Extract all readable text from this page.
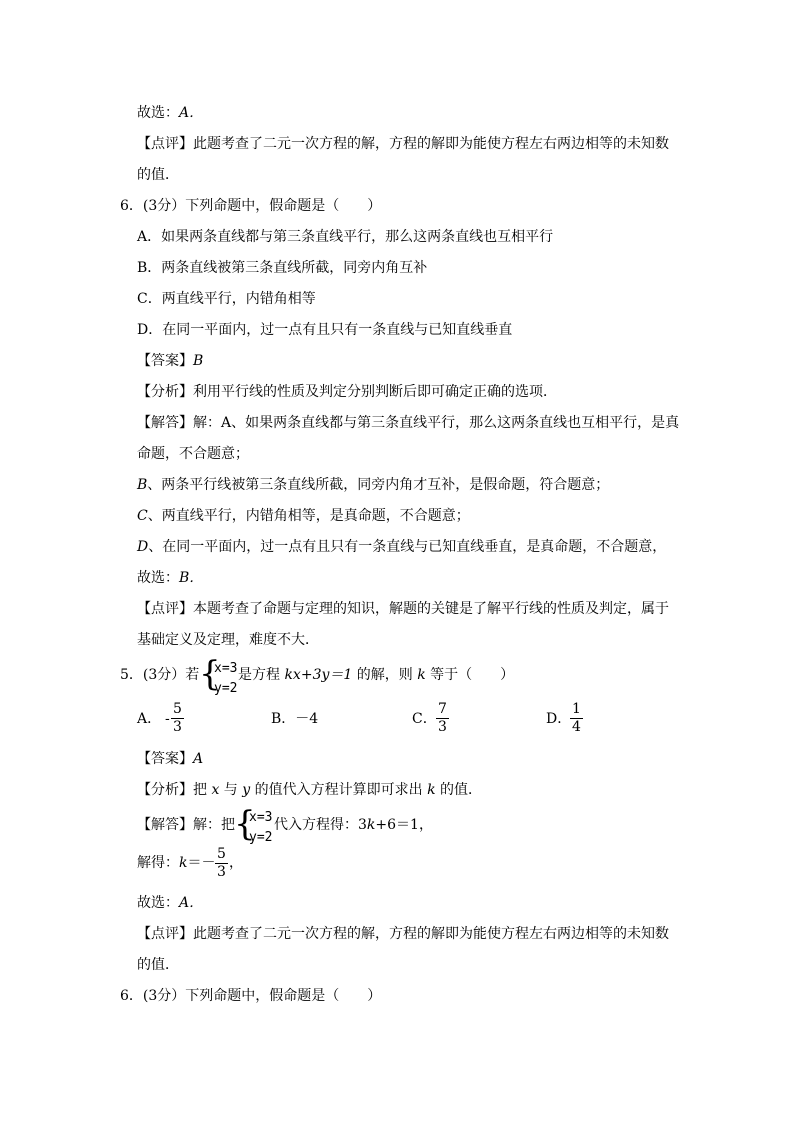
故选：A．
【点评】此题考查了二元一次方程的解，方程的解即为能使方程左右两边相等的未知数
的值．
6．(3分）下列命题中，假命题是（　　）
A．如果两条直线都与第三条直线平行，那么这两条直线也互相平行
B．两条直线被第三条直线所截，同旁内角互补
C．两直线平行，内错角相等
D．在同一平面内，过一点有且只有一条直线与已知直线垂直
【答案】B
【分析】利用平行线的性质及判定分别判断后即可确定正确的选项．
【解答】解：A、如果两条直线都与第三条直线平行，那么这两条直线也互相平行，是真
命题，不合题意；
B、两条平行线被第三条直线所截，同旁内角才互补，是假命题，符合题意；
C、两直线平行，内错角相等，是真命题，不合题意；
D、在同一平面内，过一点有且只有一条直线与已知直线垂直，是真命题，不合题意，
故选：B．
【点评】本题考查了命题与定理的知识，解题的关键是了解平行线的性质及判定，属于
基础定义及定理，难度不大．
5．(3分）若 {
x=3
y=2
是方程 kx+3y＝1 的解，则 k 等于（　　）
A． -
5
3	B．－4	C．
7
3	D．
1
4
【答案】A
【分析】把 x 与 y 的值代入方程计算即可求出 k 的值．
【解答】解：把 {
x=3
y=2
代入方程得：3k+6＝1，
解得：k＝－
5
3
，
故选：A．
【点评】此题考查了二元一次方程的解，方程的解即为能使方程左右两边相等的未知数
的值．
6．(3分）下列命题中，假命题是（　　）
